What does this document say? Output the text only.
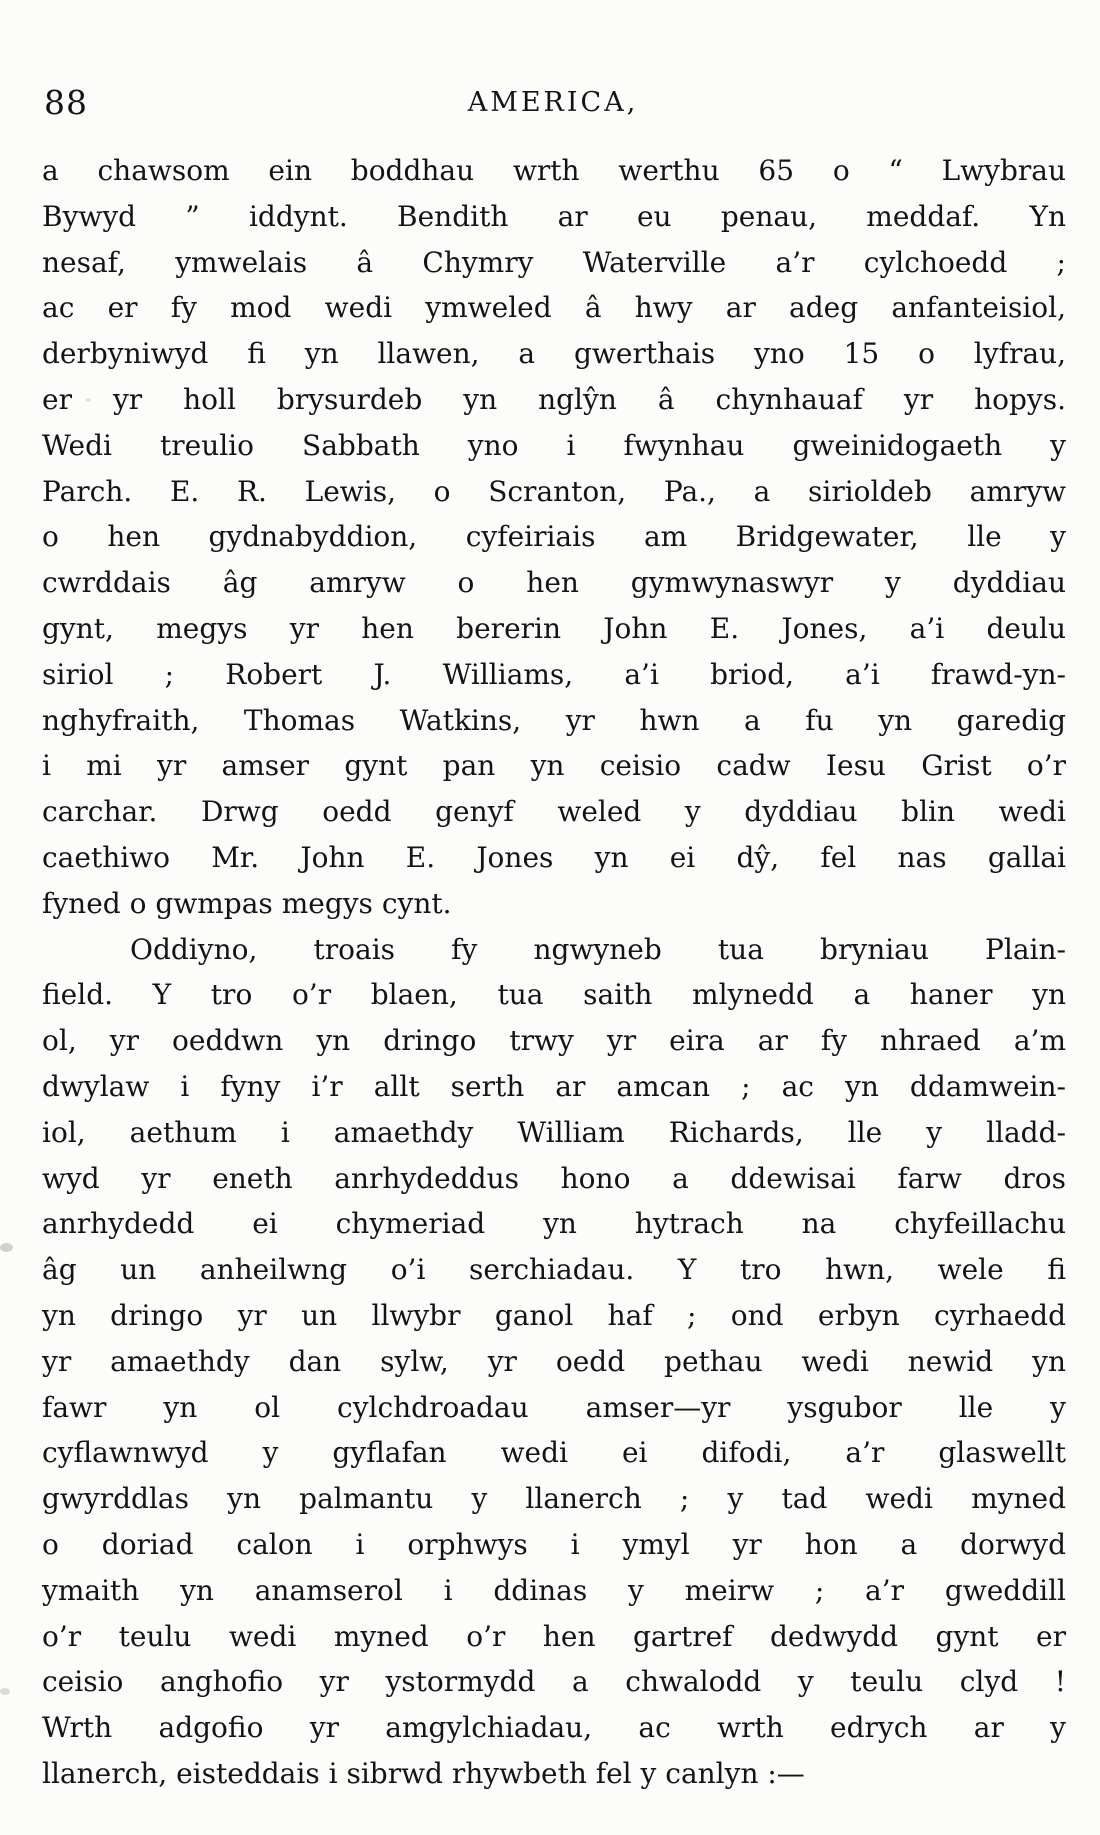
88	AMERICA,
a chawsom ein boddhau wrth werthu 65 o “ Lwybrau
Bywyd ” iddynt. Bendith ar eu penau, meddaf. Yn
nesaf, ymwelais â Chymry Waterville a’r cylchoedd ;
ac er fy mod wedi ymweled â hwy ar adeg anfanteisiol,
derbyniwyd fi yn llawen, a gwerthais yno 15 o lyfrau,
er yr holl brysurdeb yn nglŷn â chynhauaf yr hopys.
Wedi treulio Sabbath yno i fwynhau gweinidogaeth y
Parch. E. R. Lewis, o Scranton, Pa., a sirioldeb amryw
o hen gydnabyddion, cyfeiriais am Bridgewater, lle y
cwrddais âg amryw o hen gymwynaswyr y dyddiau
gynt, megys yr hen bererin John E. Jones, a’i deulu
siriol ; Robert J. Williams, a’i briod, a’i frawd-yn-
nghyfraith, Thomas Watkins, yr hwn a fu yn garedig
i mi yr amser gynt pan yn ceisio cadw Iesu Grist o’r
carchar. Drwg oedd genyf weled y dyddiau blin wedi
caethiwo Mr. John E. Jones yn ei dŷ, fel nas gallai
fyned o gwmpas megys cynt.
Oddiyno, troais fy ngwyneb tua bryniau Plain-
field. Y tro o’r blaen, tua saith mlynedd a haner yn
ol, yr oeddwn yn dringo trwy yr eira ar fy nhraed a’m
dwylaw i fyny i’r allt serth ar amcan ; ac yn ddamwein-
iol, aethum i amaethdy William Richards, lle y lladd-
wyd yr eneth anrhydeddus hono a ddewisai farw dros
anrhydedd ei chymeriad yn hytrach na chyfeillachu
âg un anheilwng o’i serchiadau. Y tro hwn, wele fi
yn dringo yr un llwybr ganol haf ; ond erbyn cyrhaedd
yr amaethdy dan sylw, yr oedd pethau wedi newid yn
fawr yn ol cylchdroadau amser—yr ysgubor lle y
cyflawnwyd y gyflafan wedi ei difodi, a’r glaswellt
gwyrddlas yn palmantu y llanerch ; y tad wedi myned
o doriad calon i orphwys i ymyl yr hon a dorwyd
ymaith yn anamserol i ddinas y meirw ; a’r gweddill
o’r teulu wedi myned o’r hen gartref dedwydd gynt er
ceisio anghofio yr ystormydd a chwalodd y teulu clyd !
Wrth adgofio yr amgylchiadau, ac wrth edrych ar y
llanerch, eisteddais i sibrwd rhywbeth fel y canlyn :—
